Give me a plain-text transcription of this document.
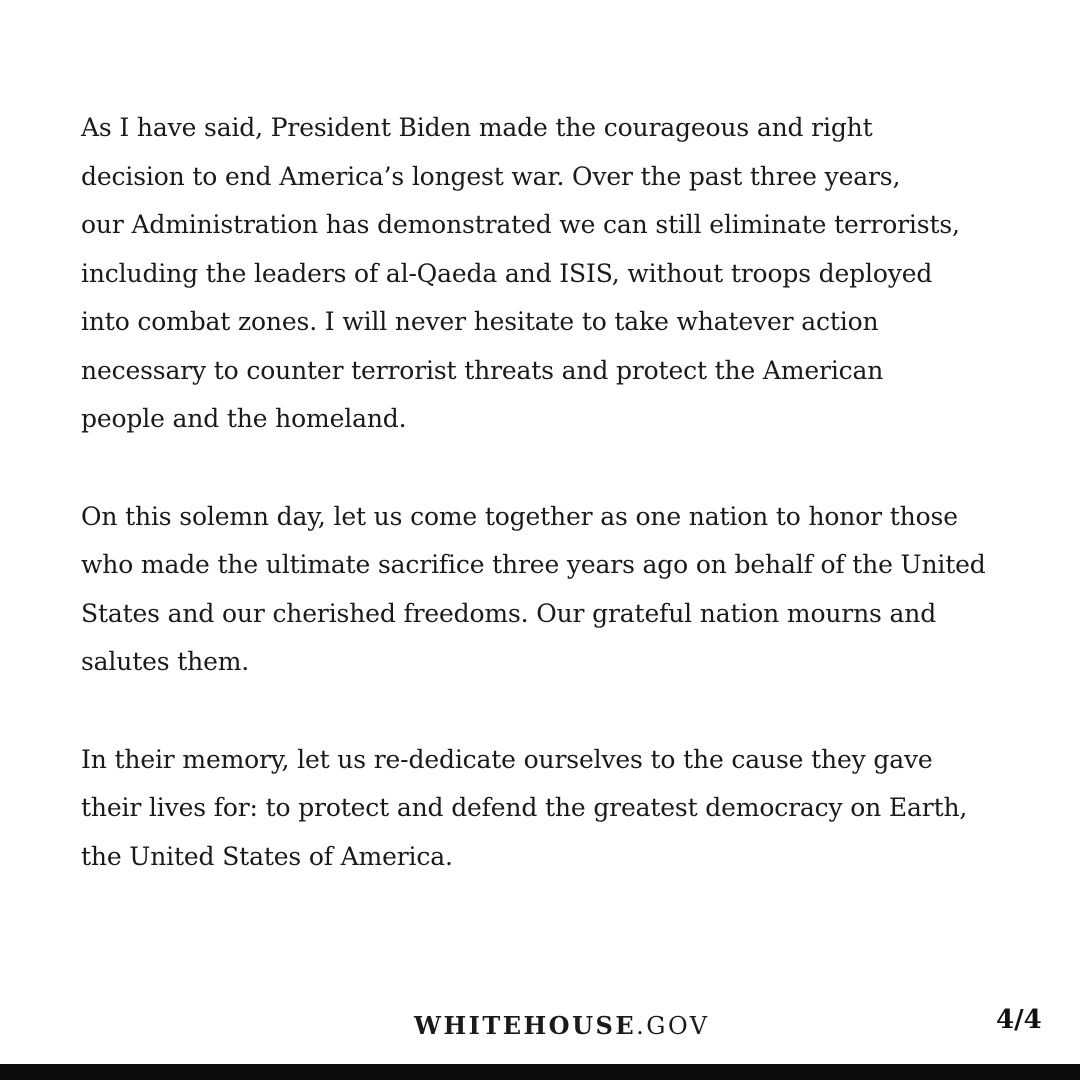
As I have said, President Biden made the courageous and right
decision to end America’s longest war. Over the past three years,
our Administration has demonstrated we can still eliminate terrorists,
including the leaders of al-Qaeda and ISIS, without troops deployed
into combat zones. I will never hesitate to take whatever action
necessary to counter terrorist threats and protect the American
people and the homeland.

On this solemn day, let us come together as one nation to honor those
who made the ultimate sacrifice three years ago on behalf of the United
States and our cherished freedoms. Our grateful nation mourns and
salutes them.

In their memory, let us re-dedicate ourselves to the cause they gave
their lives for: to protect and defend the greatest democracy on Earth,
the United States of America.

WHITEHOUSE.GOV	4/4
